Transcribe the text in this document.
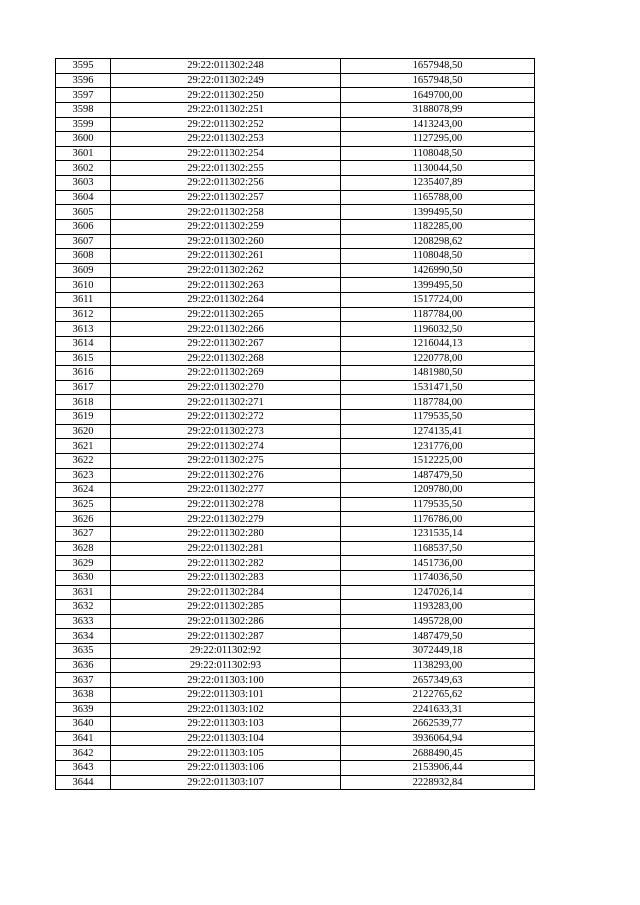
3595	29:22:011302:248	1657948,50
3596	29:22:011302:249	1657948,50
3597	29:22:011302:250	1649700,00
3598	29:22:011302:251	3188078,99
3599	29:22:011302:252	1413243,00
3600	29:22:011302:253	1127295,00
3601	29:22:011302:254	1108048,50
3602	29:22:011302:255	1130044,50
3603	29:22:011302:256	1235407,89
3604	29:22:011302:257	1165788,00
3605	29:22:011302:258	1399495,50
3606	29:22:011302:259	1182285,00
3607	29:22:011302:260	1208298,62
3608	29:22:011302:261	1108048,50
3609	29:22:011302:262	1426990,50
3610	29:22:011302:263	1399495,50
3611	29:22:011302:264	1517724,00
3612	29:22:011302:265	1187784,00
3613	29:22:011302:266	1196032,50
3614	29:22:011302:267	1216044,13
3615	29:22:011302:268	1220778,00
3616	29:22:011302:269	1481980,50
3617	29:22:011302:270	1531471,50
3618	29:22:011302:271	1187784,00
3619	29:22:011302:272	1179535,50
3620	29:22:011302:273	1274135,41
3621	29:22:011302:274	1231776,00
3622	29:22:011302:275	1512225,00
3623	29:22:011302:276	1487479,50
3624	29:22:011302:277	1209780,00
3625	29:22:011302:278	1179535,50
3626	29:22:011302:279	1176786,00
3627	29:22:011302:280	1231535,14
3628	29:22:011302:281	1168537,50
3629	29:22:011302:282	1451736,00
3630	29:22:011302:283	1174036,50
3631	29:22:011302:284	1247026,14
3632	29:22:011302:285	1193283,00
3633	29:22:011302:286	1495728,00
3634	29:22:011302:287	1487479,50
3635	29:22:011302:92	3072449,18
3636	29:22:011302:93	1138293,00
3637	29:22:011303:100	2657349,63
3638	29:22:011303:101	2122765,62
3639	29:22:011303:102	2241633,31
3640	29:22:011303:103	2662539,77
3641	29:22:011303:104	3936064,94
3642	29:22:011303:105	2688490,45
3643	29:22:011303:106	2153906,44
3644	29:22:011303:107	2228932,84
